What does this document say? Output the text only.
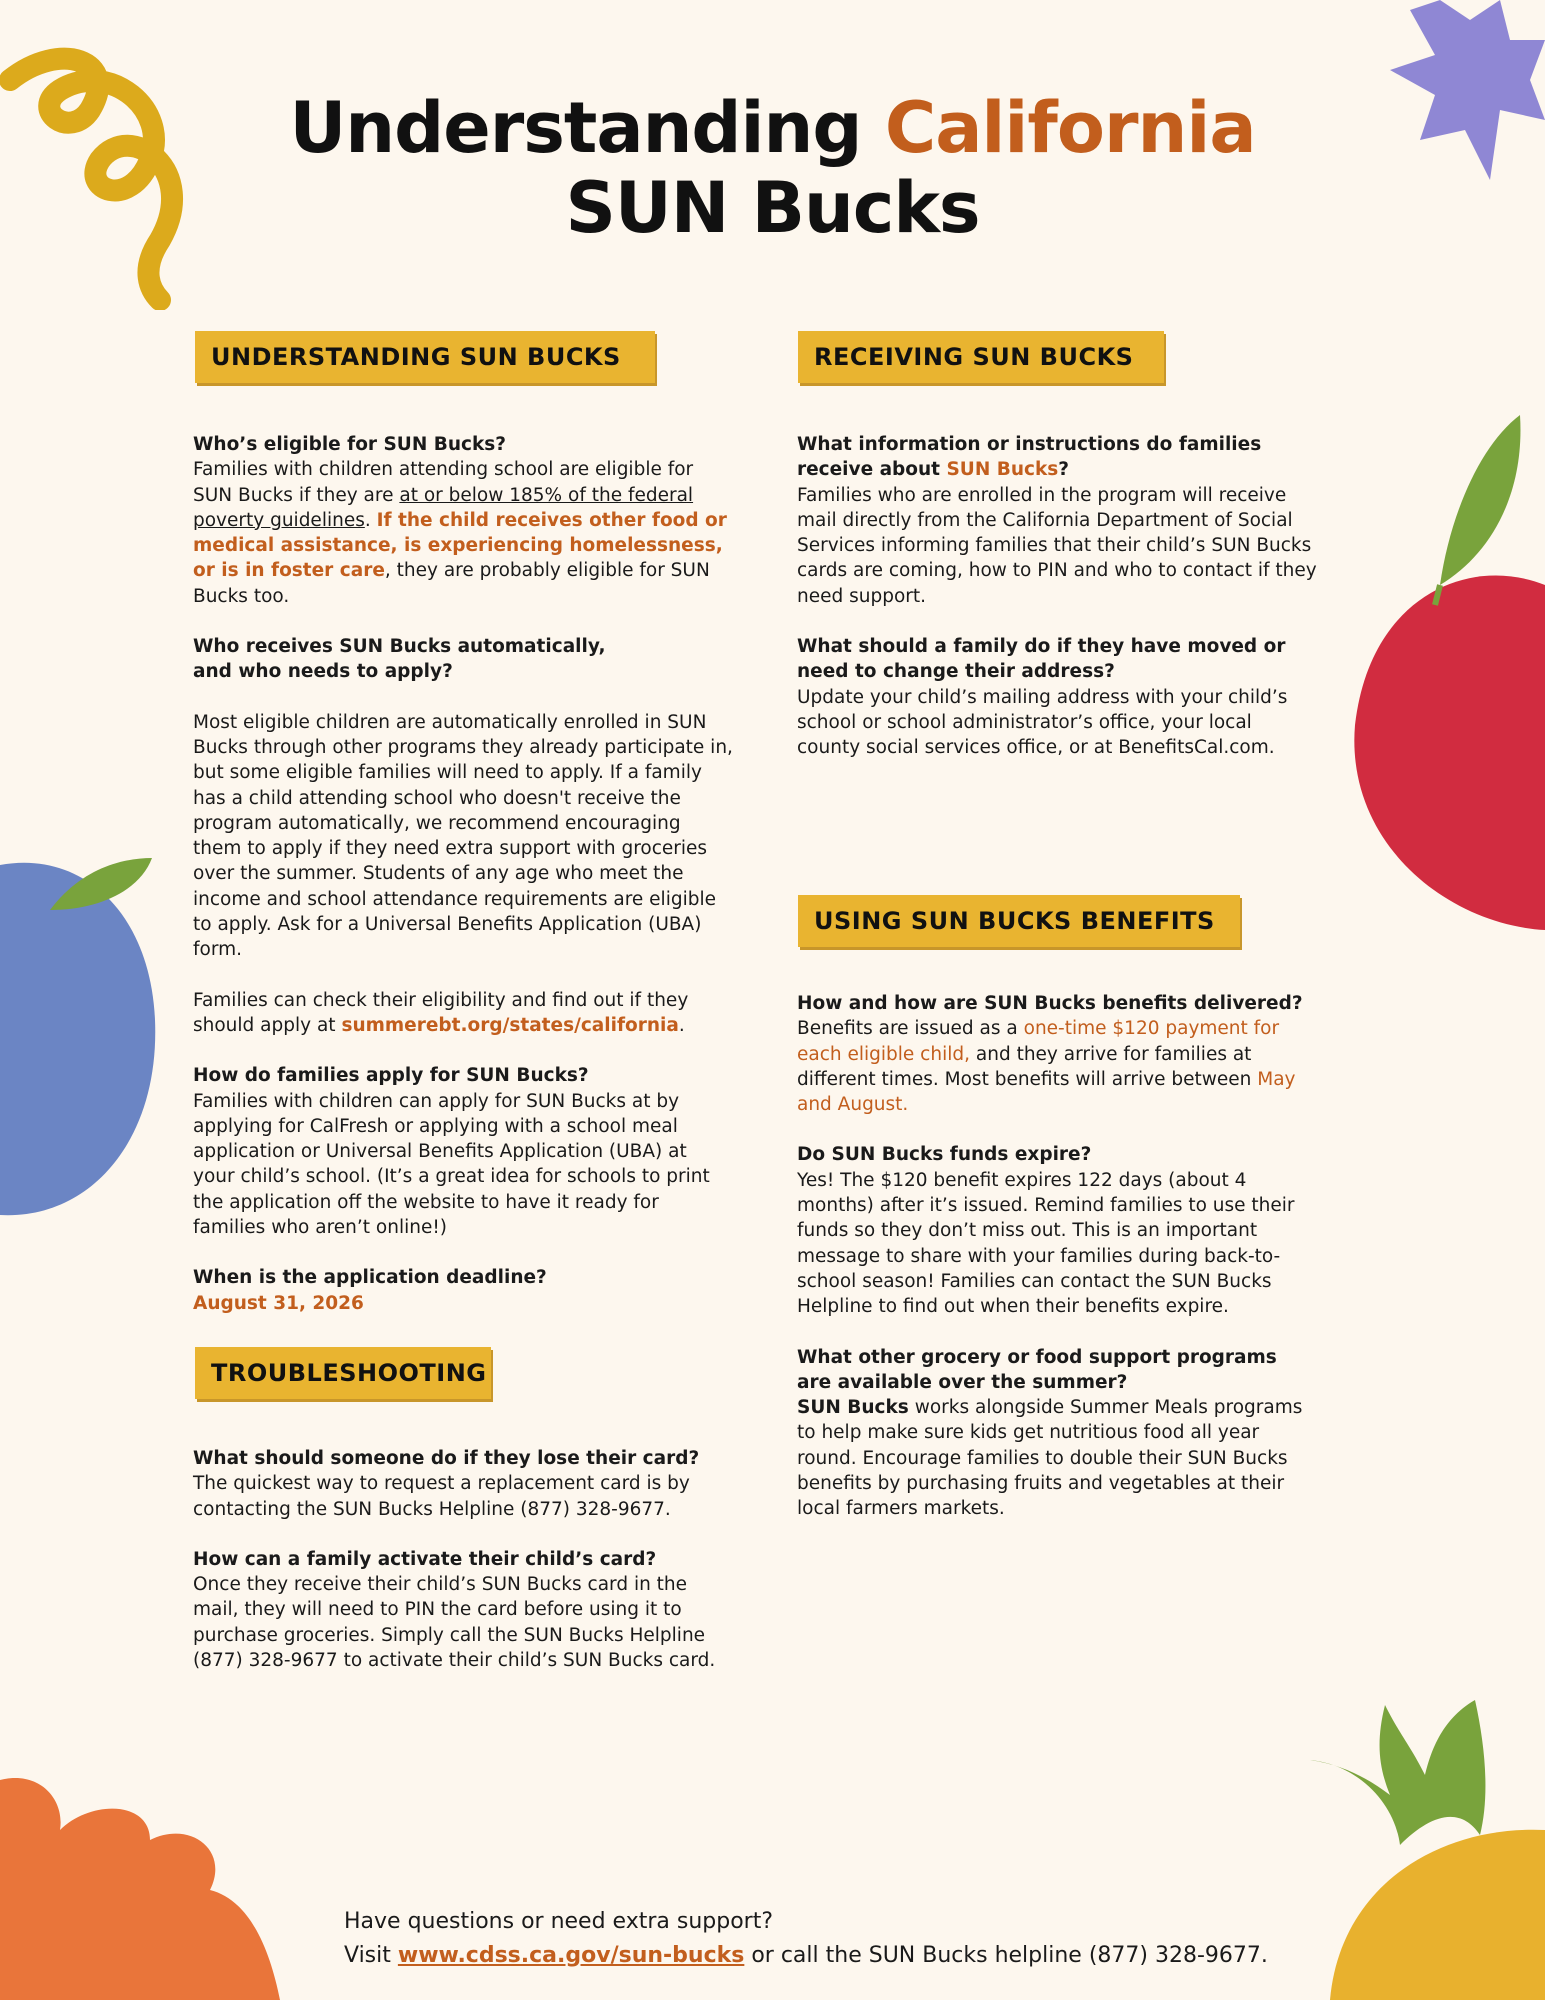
Understanding California
SUN Bucks
UNDERSTANDING SUN BUCKS
Who’s eligible for SUN Bucks?
Families with children attending school are eligible for SUN Bucks if they are at or below 185% of the federal poverty guidelines. If the child receives other food or medical assistance, is experiencing homelessness, or is in foster care, they are probably eligible for SUN Bucks too.
Who receives SUN Bucks automatically,
and who needs to apply?
Most eligible children are automatically enrolled in SUN Bucks through other programs they already participate in, but some eligible families will need to apply. If a family has a child attending school who doesn't receive the program automatically, we recommend encouraging them to apply if they need extra support with groceries over the summer. Students of any age who meet the income and school attendance requirements are eligible to apply. Ask for a Universal Benefits Application (UBA) form.
Families can check their eligibility and find out if they should apply at summerebt.org/states/california.
How do families apply for SUN Bucks?
Families with children can apply for SUN Bucks at by applying for CalFresh or applying with a school meal application or Universal Benefits Application (UBA) at your child’s school. (It’s a great idea for schools to print the application off the website to have it ready for families who aren’t online!)
When is the application deadline?
August 31, 2026
TROUBLESHOOTING
What should someone do if they lose their card?
The quickest way to request a replacement card is by contacting the SUN Bucks Helpline (877) 328-9677.
How can a family activate their child’s card?
Once they receive their child’s SUN Bucks card in the mail, they will need to PIN the card before using it to purchase groceries. Simply call the SUN Bucks Helpline (877) 328-9677 to activate their child’s SUN Bucks card.
RECEIVING SUN BUCKS
What information or instructions do families receive about SUN Bucks?
Families who are enrolled in the program will receive mail directly from the California Department of Social Services informing families that their child’s SUN Bucks cards are coming, how to PIN and who to contact if they need support.
What should a family do if they have moved or need to change their address?
Update your child’s mailing address with your child’s school or school administrator’s office, your local county social services office, or at BenefitsCal.com.
USING SUN BUCKS BENEFITS
How and how are SUN Bucks benefits delivered?
Benefits are issued as a one-time $120 payment for each eligible child, and they arrive for families at different times. Most benefits will arrive between May and August.
Do SUN Bucks funds expire?
Yes! The $120 benefit expires 122 days (about 4 months) after it’s issued. Remind families to use their funds so they don’t miss out. This is an important message to share with your families during back-to-school season! Families can contact the SUN Bucks Helpline to find out when their benefits expire.
What other grocery or food support programs are available over the summer?
SUN Bucks works alongside Summer Meals programs to help make sure kids get nutritious food all year round. Encourage families to double their SUN Bucks benefits by purchasing fruits and vegetables at their local farmers markets.
Have questions or need extra support?
Visit www.cdss.ca.gov/sun-bucks or call the SUN Bucks helpline (877) 328-9677.
